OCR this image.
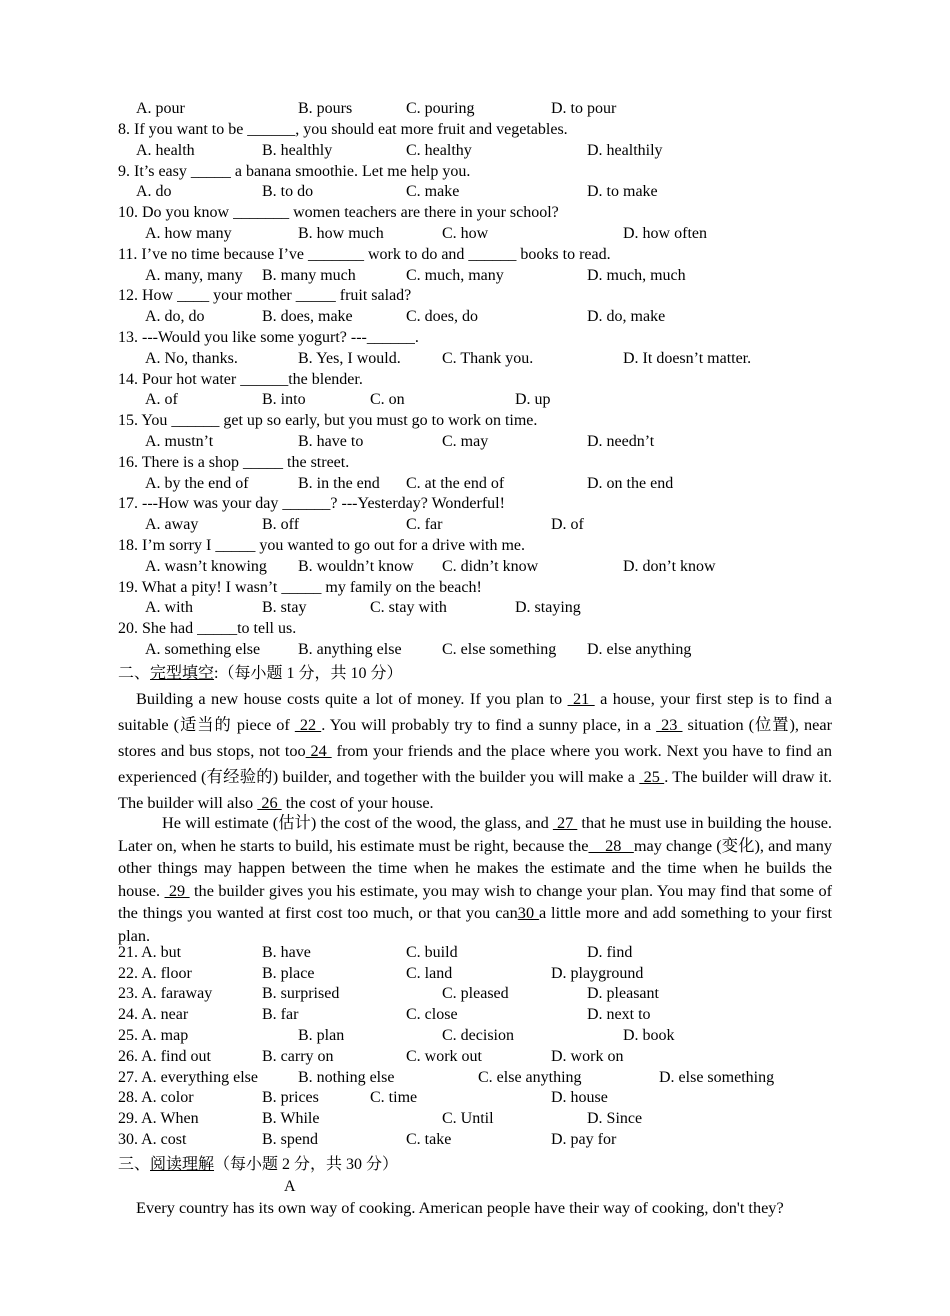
A. pour	B. pours	C. pouring	D. to pour
8. If you want to be ______, you should eat more fruit and vegetables.
A. health	B. healthly	C. healthy	D. healthily
9. It’s easy _____ a banana smoothie. Let me help you.
A. do	B. to do	C. make	D. to make
10. Do you know _______ women teachers are there in your school?
A. how many	B. how much	C. how	D. how often
11. I’ve no time because I’ve _______ work to do and ______ books to read.
A. many, many B. many much	C. much, many	D. much, much
12. How ____ your mother _____ fruit salad?
A. do, do	B. does, make	C. does, do	D. do, make
13. ---Would you like some yogurt? ---______.
A. No, thanks.	B. Yes, I would.	C. Thank you.	D. It doesn’t matter.
14. Pour hot water ______the blender.
A. of	B. into	C. on	D. up
15. You ______ get up so early, but you must go to work on time.
A. mustn’t	B. have to	C. may	D. needn’t
16. There is a shop _____ the street.
A. by the end of	B. in the end C. at the end of	D. on the end
17. ---How was your day ______? ---Yesterday? Wonderful!
A. away	B. off	C. far	D. of
18. I’m sorry I _____ you wanted to go out for a drive with me.
A. wasn’t knowing B. wouldn’t know C. didn’t know	D. don’t know
19. What a pity! I wasn’t _____ my family on the beach!
A. with	B. stay	C. stay with	D. staying
20. She had _____to tell us.
A. something else B. anything else	C. else something D. else anything
二、完型填空:（每小题 1 分，共 10 分）

Building a new house costs quite a lot of money. If you plan to  21  a house, your first step is to find a suitable (适当的 piece of  22 . You will probably try to find a sunny place, in a  23  situation (位置), near stores and bus stops, not too 24  from your friends and the place where you work. Next you have to find an experienced (有经验的) builder, and together with the builder you will make a  25 . The builder will draw it. The builder will also  26  the cost of your house.

He will estimate (估计) the cost of the wood, the glass, and  27  that he must use in building the house. Later on, when he starts to build, his estimate must be right, because the    28   may change (变化), and many other things may happen between the time when he makes the estimate and the time when he builds the house.  29  the builder gives you his estimate, you may wish to change your plan. You may find that some of the things you wanted at first cost too much, or that you can30 a little more and add something to your first plan.

21. A. but	B. have	C. build	D. find
22. A. floor	B. place	C. land	D. playground
23. A. faraway	B. surprised	C. pleased	D. pleasant
24. A. near	B. far	C. close	D. next to
25. A. map	B. plan	C. decision	D. book
26. A. find out	B. carry on	C. work out	D. work on
27. A. everything else	B. nothing else	C. else anything	D. else something
28. A. color	B. prices	C. time	D. house
29. A. When	B. While	C. Until	D. Since
30. A. cost	B. spend	C. take	D. pay for
三、阅读理解（每小题 2 分，共 30 分）
A

Every country has its own way of cooking. American people have their way of cooking, don't they?
